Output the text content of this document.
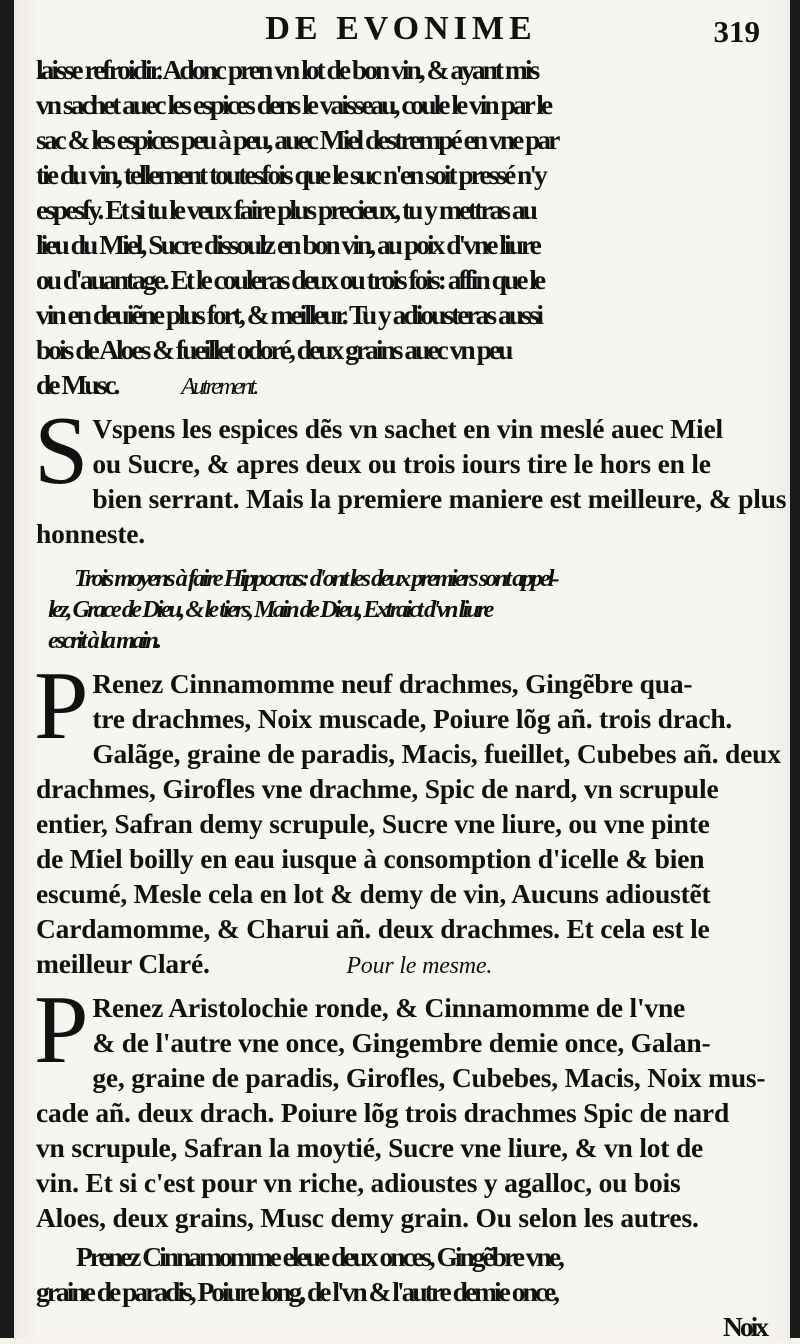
DE EVONIME	319
laisse refroidir. Adonc pren vn lot de bon vin, & ayant mis
vn sachet auec les espices dens le vaisseau, coule le vin par le
sac & les espices peu à peu, auec Miel destrempé en vne par
tie du vin, tellement toutesfois que le suc n'en soit pressé n'y
espesfy. Et si tu le veux faire plus precieux, tu y mettras au
lieu du Miel, Sucre dissoulz en bon vin, au poix d'vne liure
ou d'auantage. Et le couleras deux ou trois fois: affin que le
vin en deuiẽne plus fort, & meilleur. Tu y adiousteras aussi
bois de Aloes & fueillet odoré, deux grains auec vn peu
de Musc.	Autrement.
S Vspens les espices dẽs vn sachet en vin meslé auec Miel
ou Sucre, & apres deux ou trois iours tire le hors en le
bien serrant. Mais la premiere maniere est meilleure, & plus
honneste.
Trois moyens à faire Hippocras: d'ont les deux premiers sont appel-
lez, Grace de Dieu, & le tiers, Main de Dieu, Extraict d'vn liure
escrit à la main.
P Renez Cinnamomme neuf drachmes, Gingẽbre qua-
tre drachmes, Noix muscade, Poiure lõg añ. trois drach.
Galãge, graine de paradis, Macis, fueillet, Cubebes añ. deux
drachmes, Girofles vne drachme, Spic de nard, vn scrupule
entier, Safran demy scrupule, Sucre vne liure, ou vne pinte
de Miel boilly en eau iusque à consomption d'icelle & bien
escumé, Mesle cela en lot & demy de vin, Aucuns adioustẽt
Cardamomme, & Charui añ. deux drachmes. Et cela est le
meilleur Claré.	Pour le mesme.
P Renez Aristolochie ronde, & Cinnamomme de l'vne
& de l'autre vne once, Gingembre demie once, Galan-
ge, graine de paradis, Girofles, Cubebes, Macis, Noix mus-
cade añ. deux drach. Poiure lõg trois drachmes Spic de nard
vn scrupule, Safran la moytié, Sucre vne liure, & vn lot de
vin. Et si c'est pour vn riche, adioustes y agalloc, ou bois
Aloes, deux grains, Musc demy grain. Ou selon les autres.
Prenez Cinnamomme eleue deux onces, Gingẽbre vne,
graine de paradis, Poiure long, de l'vn & l'autre demie once,
Noix
